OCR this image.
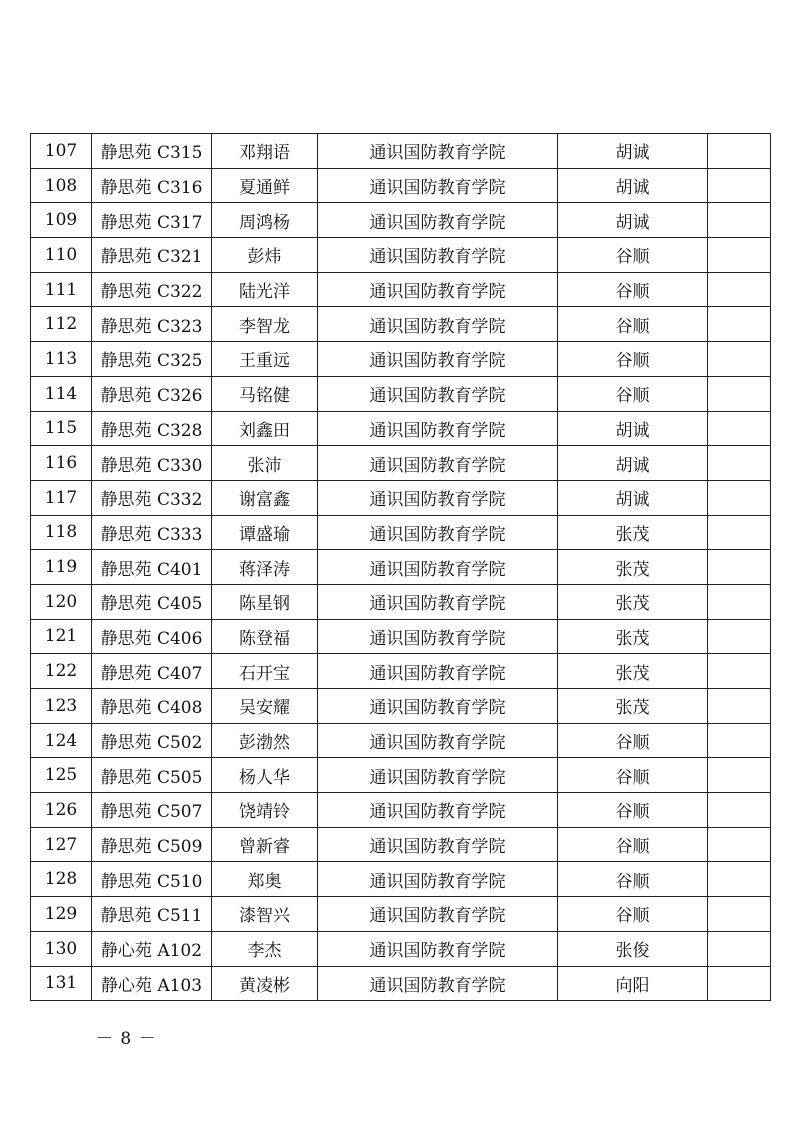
107	静思苑 C315	邓翔语	通识国防教育学院	胡诚	
108	静思苑 C316	夏通鲜	通识国防教育学院	胡诚	
109	静思苑 C317	周鸿杨	通识国防教育学院	胡诚	
110	静思苑 C321	彭炜	通识国防教育学院	谷顺	
111	静思苑 C322	陆光洋	通识国防教育学院	谷顺	
112	静思苑 C323	李智龙	通识国防教育学院	谷顺	
113	静思苑 C325	王重远	通识国防教育学院	谷顺	
114	静思苑 C326	马铭健	通识国防教育学院	谷顺	
115	静思苑 C328	刘鑫田	通识国防教育学院	胡诚	
116	静思苑 C330	张沛	通识国防教育学院	胡诚	
117	静思苑 C332	谢富鑫	通识国防教育学院	胡诚	
118	静思苑 C333	谭盛瑜	通识国防教育学院	张茂	
119	静思苑 C401	蒋泽涛	通识国防教育学院	张茂	
120	静思苑 C405	陈星钢	通识国防教育学院	张茂	
121	静思苑 C406	陈登福	通识国防教育学院	张茂	
122	静思苑 C407	石开宝	通识国防教育学院	张茂	
123	静思苑 C408	吴安耀	通识国防教育学院	张茂	
124	静思苑 C502	彭渤然	通识国防教育学院	谷顺	
125	静思苑 C505	杨人华	通识国防教育学院	谷顺	
126	静思苑 C507	饶靖铃	通识国防教育学院	谷顺	
127	静思苑 C509	曾新睿	通识国防教育学院	谷顺	
128	静思苑 C510	郑奥	通识国防教育学院	谷顺	
129	静思苑 C511	漆智兴	通识国防教育学院	谷顺	
130	静心苑 A102	李杰	通识国防教育学院	张俊	
131	静心苑 A103	黄凌彬	通识国防教育学院	向阳	
－ 8 －
